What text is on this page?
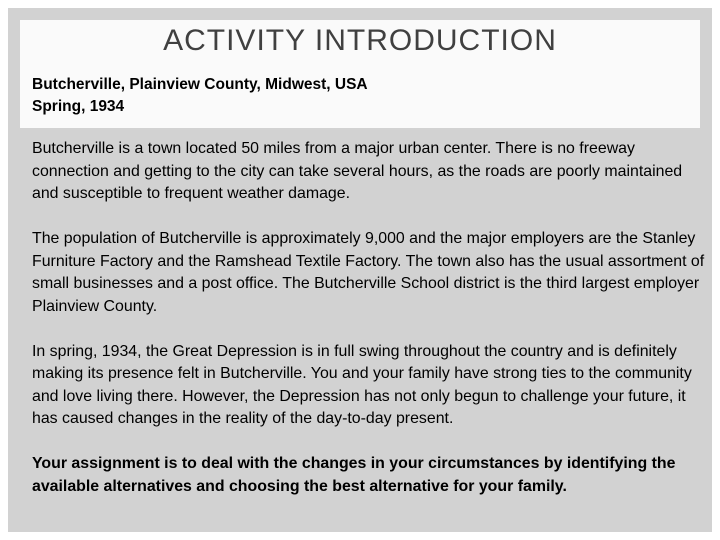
ACTIVITY INTRODUCTION
Butcherville, Plainview County, Midwest, USA
Spring, 1934

Butcherville is a town located 50 miles from a major urban center. There is no freeway connection and getting to the city can take several hours, as the roads are poorly maintained and susceptible to frequent weather damage.

The population of Butcherville is approximately 9,000 and the major employers are the Stanley Furniture Factory and the Ramshead Textile Factory. The town also has the usual assortment of small businesses and a post office. The Butcherville School district is the third largest employer Plainview County.

In spring, 1934, the Great Depression is in full swing throughout the country and is definitely making its presence felt in Butcherville. You and your family have strong ties to the community and love living there. However, the Depression has not only begun to challenge your future, it has caused changes in the reality of the day-to-day present.

Your assignment is to deal with the changes in your circumstances by identifying the available alternatives and choosing the best alternative for your family.
